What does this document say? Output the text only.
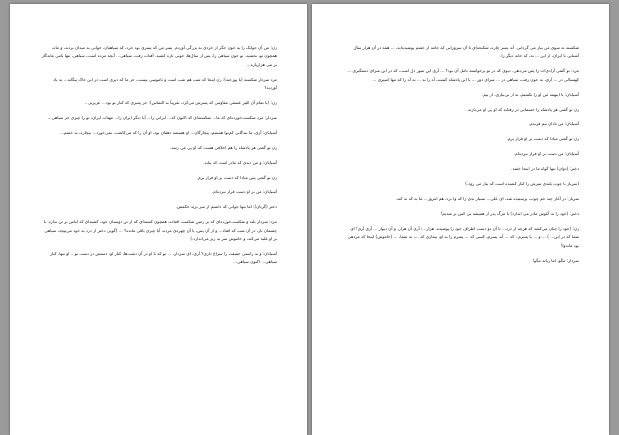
زن: من آن جوانک را به خون جگر از خردی به بزرگی آوردم. پسر من که پسری بود خرد، که سپاهیان، خوانی به میدان بردند، و ماه، همچون تو، نخشید. تو خون سیاهی را، پس از سال‌ها، خونی تازه کشید. آفتاب رفت، سیاهی... آنچه مرده است، سیاهی، تنها نامی ماندگار بر تنی هزارپاره...

مرد سردار شکسته (با پوزخند): زن اینجا که شب هم شب است و ناموسی نیست، جز ما که دیری است در این خاک بیگانه... به یاد آوردید؟

زن: (با تمام آن الفِر عشقی مقاومی که پسرش می‌کرد، تقریباً به التماس): جز پسری که کنار تو بود... عزیزتر...

سردار: مرد شکست‌خورده‌ای که ما... شکسته‌ای که اکنون که... ایرانی را... آیا دیگر ایران را... مهتاب ایران، تو را چیزی جز سیاهی...

آسیابان: آری، ما بندگانی کم‌نوا هستیم، بیچارگان... او همیشه دهقان بود، او آن را که می‌کاشت، نمی‌خورد... بیچاره، به خشم...

زن تو گفتی هر پادشاه را هم اخلاقی هست که او پی می رسد.

آسیابان: و من دیدی که مادر است که بیاید.

زن تو گفتی پس مبادا که دست بر او فراز برم.

آسیابان: من بر او دست فراز نبرده‌ام.

دختر (گریان): اما تنها جوانی که داشتم از سر برید حکمش.

مرد: سردار بلند و شکست‌خورده‌ای که بر زمینِ شکست افتاده، همچون کشته‌ای که از تن دوستان خود، کشته‌ای که لباس بر تن ندارد، با چشمان باز، در آن شب که افتاد... و از آن پس، با آن چهره‌ی مرده، آیا چیزی باقی مانده؟ ... (گویی دختر از درد به خود می‌پیچد، سیاهی بر او غلبه می‌کند، و خاموش سر به زیر می‌اندازد.)

آسیابان: و به‌ راستی حقیقت را سراغ داری؟ آری، ای سردار، ... تو که با او در آن دشت‌ها، کنار او، دستش در دست تو... او تنها، کنار سیاهی... اکنون سیاهی...

شکسته به سوی من بیاز می گردانی. آه، پسر چاره، شکنجه‌ای تا آن سرورانی که جامه از خشم پوشیده‌اید، ... همه در آن هزار سال آشنایی با ایران، از این ... نه، که خانه دیگر را.

مرد: تو گفتی آزادی‌ات را پس می‌دهی. دیوی که در تو برخواسته تامل آن بود؟ ... آری این سوز دل است، که در این سرای دستگیری ... کهنسالی در ... آری، به خون رفت، سیاهی در ... سرای دور ... با این پادشاه کیست آه را بد ... نه آه را که تنها اسیری ...

آسیابان: با اینهمه من او را نکشتم، نه از بی‌نیازی، از بیم.

زن تو گفتی هر پادشاه را خسمانی در رفتابه که او پی او می‌تازند.

آسیابان: من نادان بیم فرندم.

زن تو گفتی مبادا که دست بر او فراز برم.

آسیابان: من دست بر او فراز نبرده‌ام.

دختر: (دوان) تنها گواه ما در اینجا خفته.

(سرباز با چوب بلندی سرش را کنار کشیده است که بیاز می رود.)

سرباز: در آغاز چند خم چوب، پرستیده شد، ای علی... بسیار بدی را که وا برد، هم امروز... ما به که نه کند.

دختر: (خود را به آغوش مادر می اندازد) با مرگ پدر از همیشه بی کس تر شدیم!

زن: (خود را چنان می‌کشد که هرچه از درد... با آن دو دست اطراف خود را پوشیده، هزار...؛ آری آن هزار، و آن دیوار ... آری آری! ای شما که در این... ) ... و ... با پسرم.. که ... آه، پسرم، کسی که ... پسرم را به او، بیماری که ...، به شما، ... (خاموش) اینجا که مردهی بود ماندوا!

سردار: مگو، اما زبانه مگو!
